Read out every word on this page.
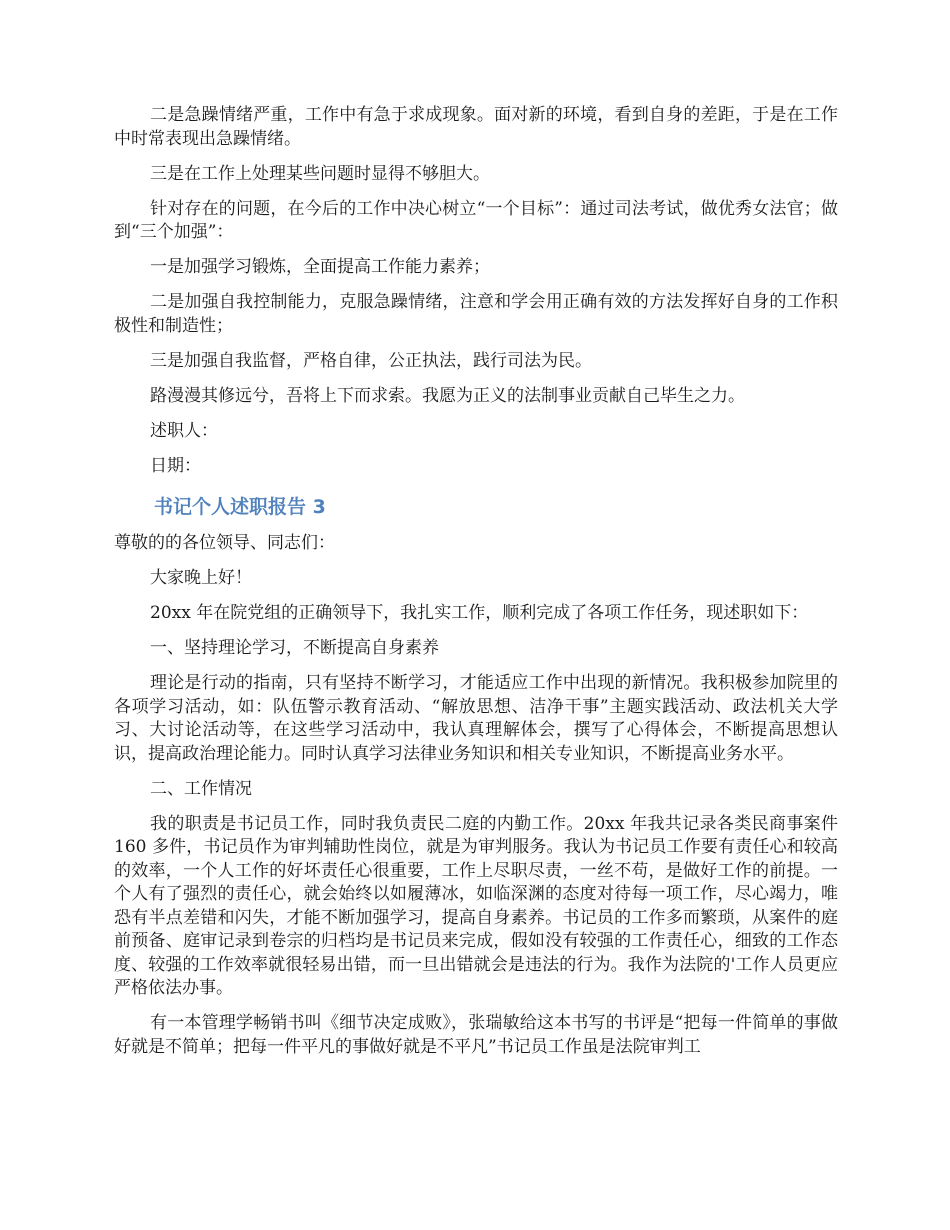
二是急躁情绪严重，工作中有急于求成现象。面对新的环境，看到自身的差距，于是在工作中时常表现出急躁情绪。

三是在工作上处理某些问题时显得不够胆大。

针对存在的问题，在今后的工作中决心树立“一个目标”：通过司法考试，做优秀女法官；做到“三个加强”：

一是加强学习锻炼，全面提高工作能力素养；

二是加强自我控制能力，克服急躁情绪，注意和学会用正确有效的方法发挥好自身的工作积极性和制造性；

三是加强自我监督，严格自律，公正执法，践行司法为民。

路漫漫其修远兮，吾将上下而求索。我愿为正义的法制事业贡献自己毕生之力。

述职人：

日期：

书记个人述职报告 3

尊敬的的各位领导、同志们：

大家晚上好！

20xx 年在院党组的正确领导下，我扎实工作，顺利完成了各项工作任务，现述职如下：

一、坚持理论学习，不断提高自身素养

理论是行动的指南，只有坚持不断学习，才能适应工作中出现的新情况。我积极参加院里的各项学习活动，如：队伍警示教育活动、“解放思想、洁净干事”主题实践活动、政法机关大学习、大讨论活动等，在这些学习活动中，我认真理解体会，撰写了心得体会，不断提高思想认识，提高政治理论能力。同时认真学习法律业务知识和相关专业知识，不断提高业务水平。

二、工作情况

我的职责是书记员工作，同时我负责民二庭的内勤工作。20xx 年我共记录各类民商事案件 160 多件，书记员作为审判辅助性岗位，就是为审判服务。我认为书记员工作要有责任心和较高的效率，一个人工作的好坏责任心很重要，工作上尽职尽责，一丝不苟，是做好工作的前提。一个人有了强烈的责任心，就会始终以如履薄冰，如临深渊的态度对待每一项工作，尽心竭力，唯恐有半点差错和闪失，才能不断加强学习，提高自身素养。书记员的工作多而繁琐，从案件的庭前预备、庭审记录到卷宗的归档均是书记员来完成，假如没有较强的工作责任心，细致的工作态度、较强的工作效率就很轻易出错，而一旦出错就会是违法的行为。我作为法院的'工作人员更应严格依法办事。

有一本管理学畅销书叫《细节决定成败》，张瑞敏给这本书写的书评是“把每一件简单的事做好就是不简单；把每一件平凡的事做好就是不平凡”书记员工作虽是法院审判工
